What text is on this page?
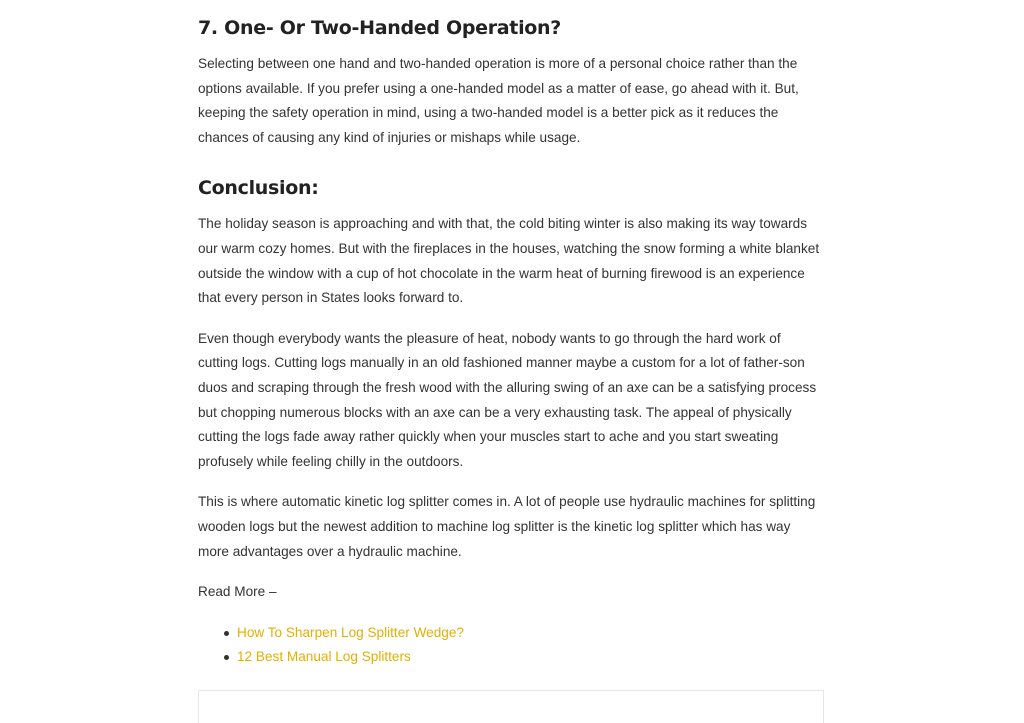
7. One- Or Two-Handed Operation?

Selecting between one hand and two-handed operation is more of a personal choice rather than the options available. If you prefer using a one-handed model as a matter of ease, go ahead with it. But, keeping the safety operation in mind, using a two-handed model is a better pick as it reduces the chances of causing any kind of injuries or mishaps while usage.

Conclusion:

The holiday season is approaching and with that, the cold biting winter is also making its way towards our warm cozy homes. But with the fireplaces in the houses, watching the snow forming a white blanket outside the window with a cup of hot chocolate in the warm heat of burning firewood is an experience that every person in States looks forward to.

Even though everybody wants the pleasure of heat, nobody wants to go through the hard work of cutting logs. Cutting logs manually in an old fashioned manner maybe a custom for a lot of father-son duos and scraping through the fresh wood with the alluring swing of an axe can be a satisfying process but chopping numerous blocks with an axe can be a very exhausting task. The appeal of physically cutting the logs fade away rather quickly when your muscles start to ache and you start sweating profusely while feeling chilly in the outdoors.

This is where automatic kinetic log splitter comes in. A lot of people use hydraulic machines for splitting wooden logs but the newest addition to machine log splitter is the kinetic log splitter which has way more advantages over a hydraulic machine.

Read More –

How To Sharpen Log Splitter Wedge?
12 Best Manual Log Splitters
